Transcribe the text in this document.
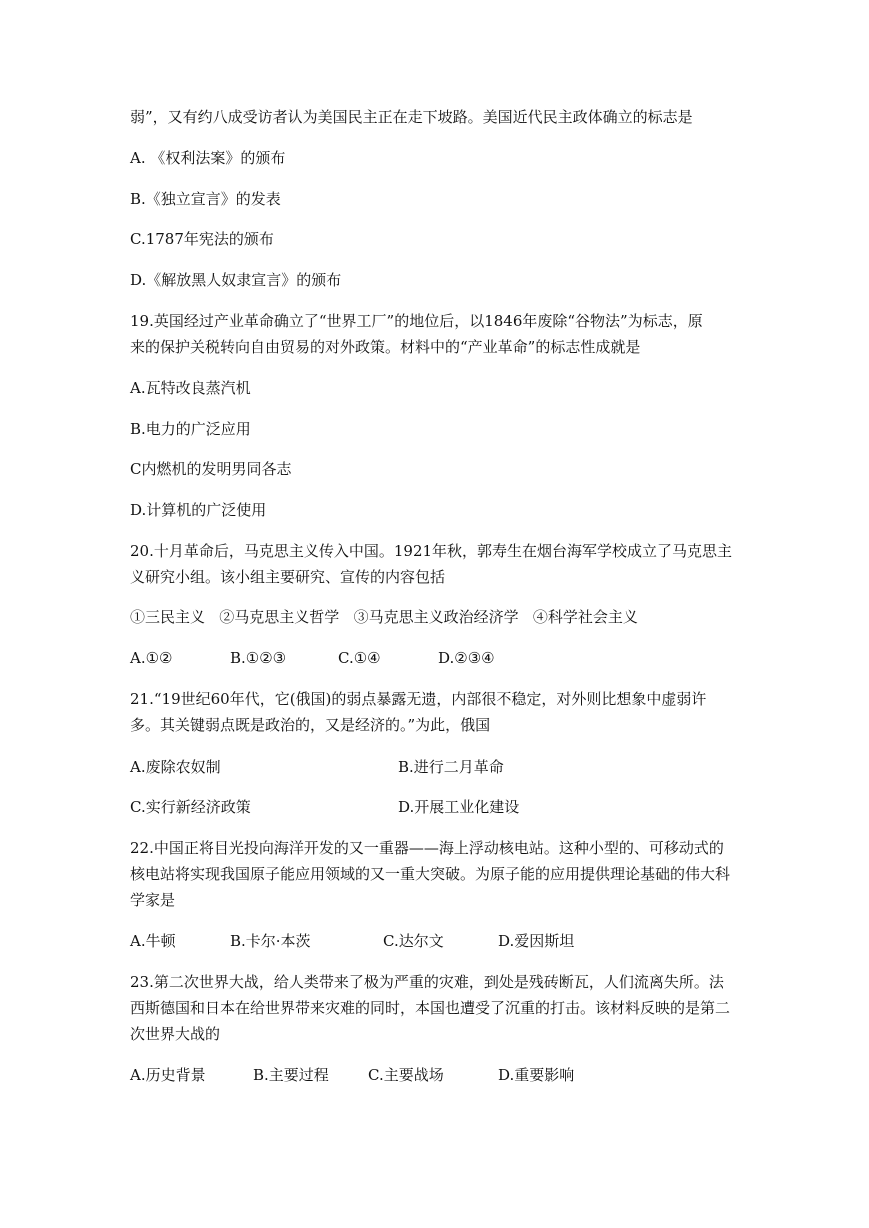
弱”，又有约八成受访者认为美国民主正在走下坡路。美国近代民主政体确立的标志是

A. 《权利法案》的颁布

B.《独立宣言》的发表

C.1787年宪法的颁布

D.《解放黑人奴隶宣言》的颁布

19.英国经过产业革命确立了“世界工厂”的地位后，以1846年废除“谷物法”为标志，原

来的保护关税转向自由贸易的对外政策。材料中的“产业革命”的标志性成就是

A.瓦特改良蒸汽机

B.电力的广泛应用

C内燃机的发明男同各志

D.计算机的广泛使用

20.十月革命后，马克思主义传入中国。1921年秋，郭寿生在烟台海军学校成立了马克思主

义研究小组。该小组主要研究、宣传的内容包括

①三民主义   ②马克思主义哲学   ③马克思主义政治经济学   ④科学社会主义

A.①②	B.①②③	C.①④	D.②③④

21.“19世纪60年代，它(俄国)的弱点暴露无遗，内部很不稳定，对外则比想象中虚弱许

多。其关键弱点既是政治的，又是经济的。”为此，俄国

A.废除农奴制	B.进行二月革命
C.实行新经济政策	D.开展工业化建设

22.中国正将目光投向海洋开发的又一重器——海上浮动核电站。这种小型的、可移动式的

核电站将实现我国原子能应用领域的又一重大突破。为原子能的应用提供理论基础的伟大科

学家是

A.牛顿	B.卡尔·本茨	C.达尔文	D.爱因斯坦

23.第二次世界大战，给人类带来了极为严重的灾难，到处是残砖断瓦，人们流离失所。法

西斯德国和日本在给世界带来灾难的同时，本国也遭受了沉重的打击。该材料反映的是第二

次世界大战的

A.历史背景	B.主要过程	C.主要战场	D.重要影响
